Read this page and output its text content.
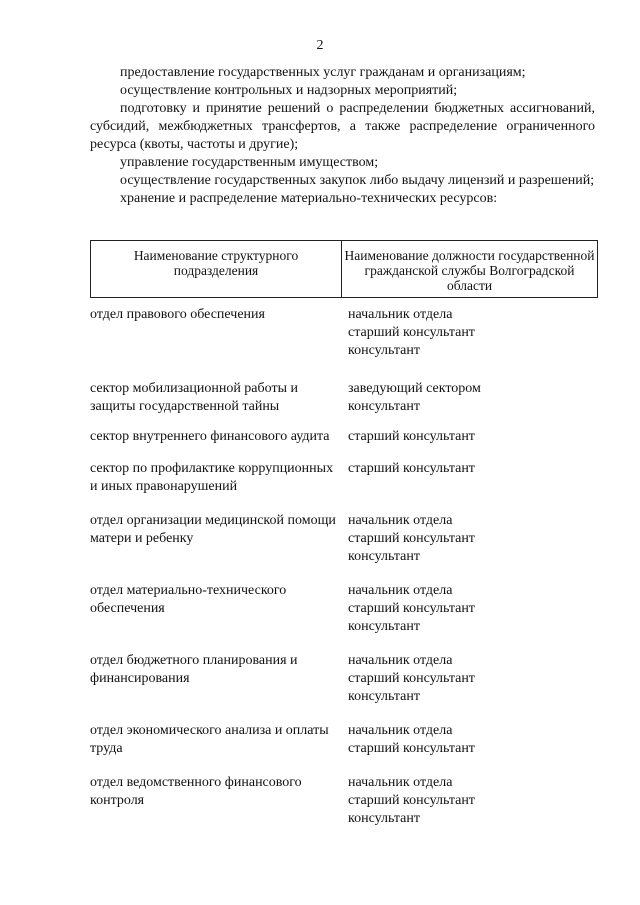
2

предоставление государственных услуг гражданам и организациям;

осуществление контрольных и надзорных мероприятий;

подготовку и принятие решений о распределении бюджетных ассигнований, субсидий, межбюджетных трансфертов, а также распределение ограниченного ресурса (квоты, частоты и другие);

управление государственным имуществом;

осуществление государственных закупок либо выдачу лицензий и разрешений;

хранение и распределение материально-технических ресурсов:

Наименование структурного подразделения
Наименование должности государственной гражданской службы Волгоградской области
отдел правового обеспечения	начальник отдела
старший консультант
консультант
сектор мобилизационной работы и защиты государственной тайны
заведующий сектором
консультант
сектор внутреннего финансового аудита	старший консультант
сектор по профилактике коррупционных и иных правонарушений
старший консультант
отдел организации медицинской помощи матери и ребенку
начальник отдела
старший консультант
консультант
отдел материально-технического обеспечения
начальник отдела
старший консультант
консультант
отдел бюджетного планирования и финансирования
начальник отдела
старший консультант
консультант
отдел экономического анализа и оплаты труда
начальник отдела
старший консультант
отдел ведомственного финансового контроля
начальник отдела
старший консультант
консультант
